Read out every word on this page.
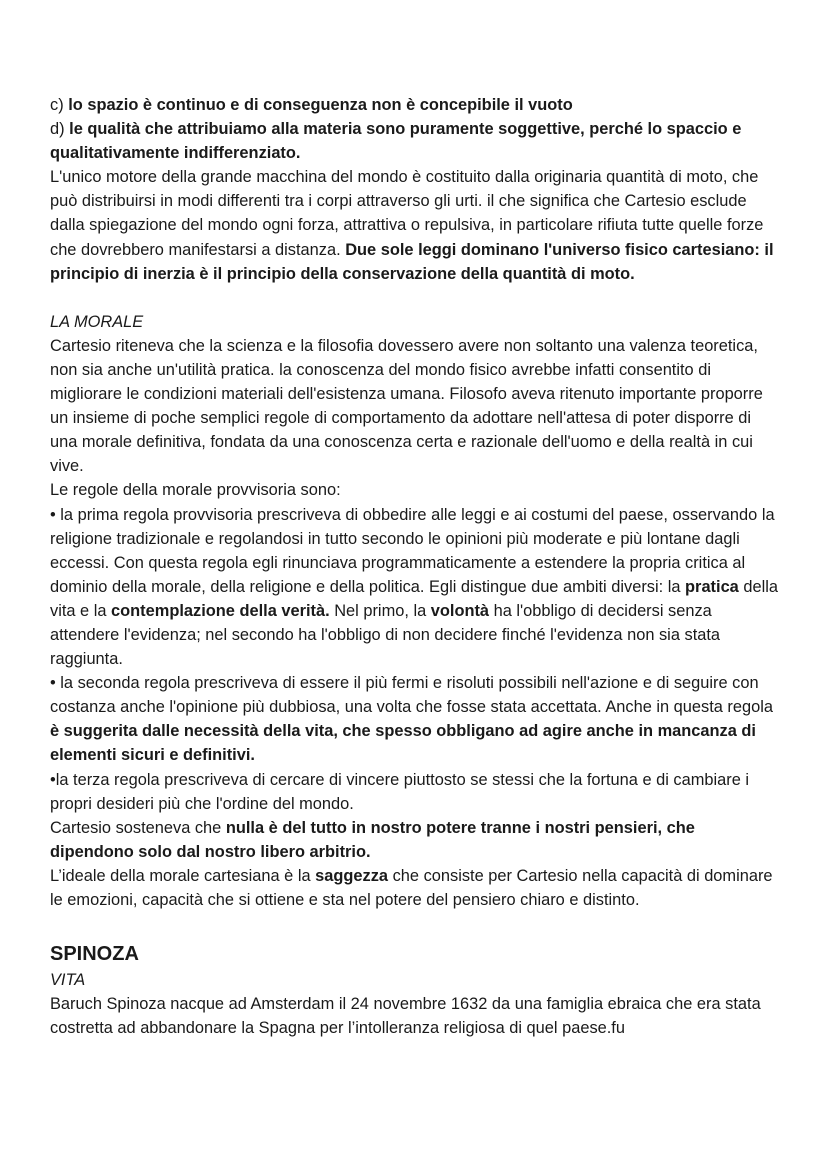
c) lo spazio è continuo e di conseguenza non è concepibile il vuoto

d) le qualità che attribuiamo alla materia sono puramente soggettive, perché lo spaccio e qualitativamente indifferenziato.

L'unico motore della grande macchina del mondo è costituito dalla originaria quantità di moto, che può distribuirsi in modi differenti tra i corpi attraverso gli urti. il che significa che Cartesio esclude dalla spiegazione del mondo ogni forza, attrattiva o repulsiva, in particolare rifiuta tutte quelle forze che dovrebbero manifestarsi a distanza. Due sole leggi dominano l'universo fisico cartesiano: il principio di inerzia è il principio della conservazione della quantità di moto.

LA MORALE

Cartesio riteneva che la scienza e la filosofia dovessero avere non soltanto una valenza teoretica, non sia anche un'utilità pratica. la conoscenza del mondo fisico avrebbe infatti consentito di migliorare le condizioni materiali dell'esistenza umana. Filosofo aveva ritenuto importante proporre un insieme di poche semplici regole di comportamento da adottare nell'attesa di poter disporre di una morale definitiva, fondata da una conoscenza certa e razionale dell'uomo e della realtà in cui vive.

Le regole della morale provvisoria sono:

• la prima regola provvisoria prescriveva di obbedire alle leggi e ai costumi del paese, osservando la religione tradizionale e regolandosi in tutto secondo le opinioni più moderate e più lontane dagli eccessi. Con questa regola egli rinunciava programmaticamente a estendere la propria critica al dominio della morale, della religione e della politica. Egli distingue due ambiti diversi: la pratica della vita e la contemplazione della verità. Nel primo, la volontà ha l'obbligo di decidersi senza attendere l'evidenza; nel secondo ha l'obbligo di non decidere finché l'evidenza non sia stata raggiunta.

• la seconda regola prescriveva di essere il più fermi e risoluti possibili nell'azione e di seguire con costanza anche l'opinione più dubbiosa, una volta che fosse stata accettata. Anche in questa regola è suggerita dalle necessità della vita, che spesso obbligano ad agire anche in mancanza di elementi sicuri e definitivi.

•la terza regola prescriveva di cercare di vincere piuttosto se stessi che la fortuna e di cambiare i propri desideri più che l'ordine del mondo.

Cartesio sosteneva che nulla è del tutto in nostro potere tranne i nostri pensieri, che dipendono solo dal nostro libero arbitrio.

L’ideale della morale cartesiana è la saggezza che consiste per Cartesio nella capacità di dominare le emozioni, capacità che si ottiene e sta nel potere del pensiero chiaro e distinto.

SPINOZA

VITA

Baruch Spinoza nacque ad Amsterdam il 24 novembre 1632 da una famiglia ebraica che era stata costretta ad abbandonare la Spagna per l’intolleranza religiosa di quel paese.fu
